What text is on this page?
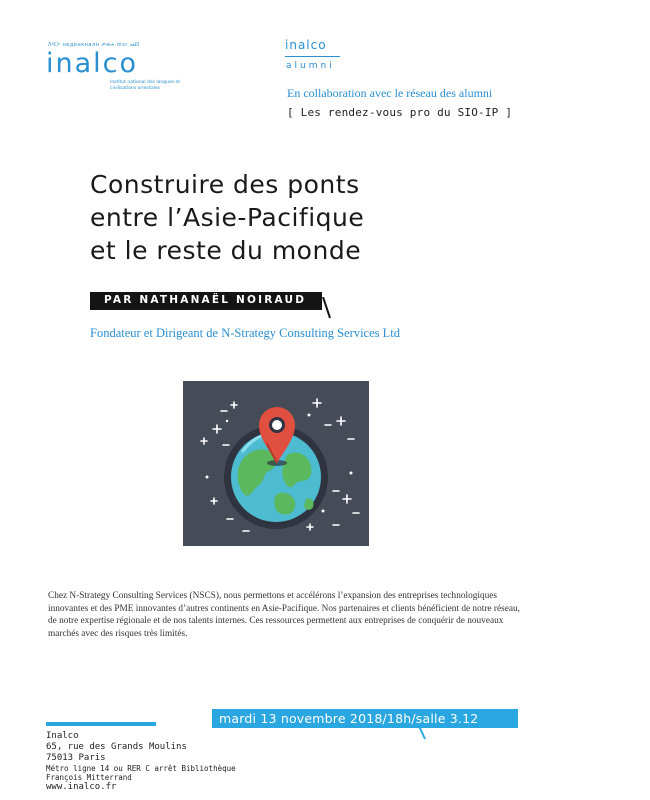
ᐱᐊᐳ неденкналн ጦወሐ ភាស ﺍﻟﻠﻐﺔ
inalco
Institut national des langues et civilisations orientales
inalco
alumni
En collaboration avec le réseau des alumni
[ Les rendez-vous pro du SIO-IP ]
Construire des ponts
entre l’Asie-Pacifique
et le reste du monde
PAR NATHANAËL NOIRAUD
Fondateur et Dirigeant de N-Strategy Consulting Services Ltd
Chez N-Strategy Consulting Services (NSCS), nous permettons et accélérons l’expansion des entreprises technologiques innovantes et des PME innovantes d’autres continents en Asie-Pacifique. Nos partenaires et clients bénéficient de notre réseau, de notre expertise régionale et de nos talents internes. Ces ressources permettent aux entreprises de conquérir de nouveaux marchés avec des risques très limités.
mardi 13 novembre 2018/18h/salle 3.12
Inalco
65, rue des Grands Moulins
75013 Paris
Métro ligne 14 ou RER C arrêt Bibliothèque
François Mitterrand
www.inalco.fr
